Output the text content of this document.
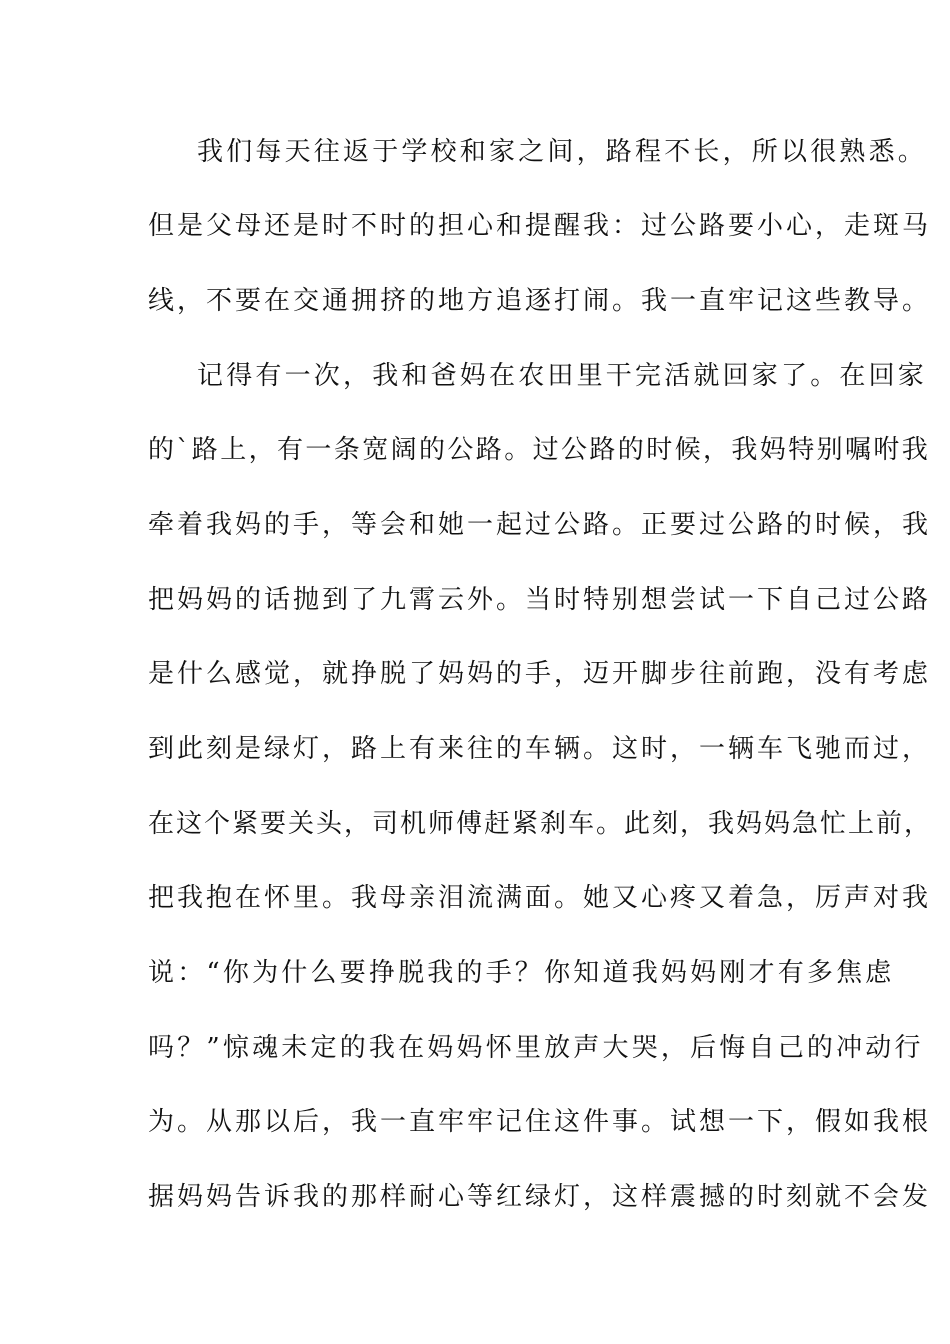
我们每天往返于学校和家之间，路程不长，所以很熟悉。
但是父母还是时不时的担心和提醒我：过公路要小心，走斑马
线，不要在交通拥挤的地方追逐打闹。我一直牢记这些教导。
记得有一次，我和爸妈在农田里干完活就回家了。在回家
的`路上，有一条宽阔的公路。过公路的时候，我妈特别嘱咐我
牵着我妈的手，等会和她一起过公路。正要过公路的时候，我
把妈妈的话抛到了九霄云外。当时特别想尝试一下自己过公路
是什么感觉，就挣脱了妈妈的手，迈开脚步往前跑，没有考虑
到此刻是绿灯，路上有来往的车辆。这时，一辆车飞驰而过，
在这个紧要关头，司机师傅赶紧刹车。此刻，我妈妈急忙上前，
把我抱在怀里。我母亲泪流满面。她又心疼又着急，厉声对我
说：“你为什么要挣脱我的手？你知道我妈妈刚才有多焦虑
吗？”惊魂未定的我在妈妈怀里放声大哭，后悔自己的冲动行
为。从那以后，我一直牢牢记住这件事。试想一下，假如我根
据妈妈告诉我的那样耐心等红绿灯，这样震撼的时刻就不会发
